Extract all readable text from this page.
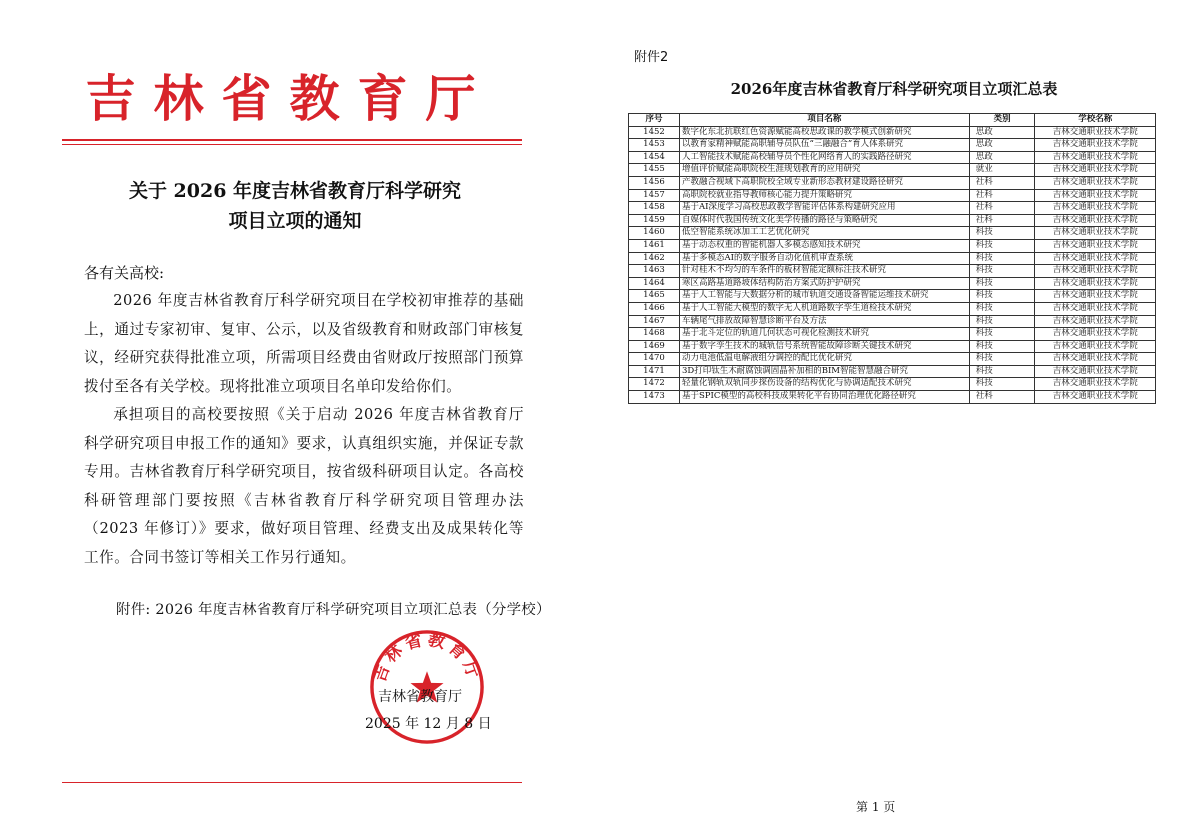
吉林省教育厅
关于 2026 年度吉林省教育厅科学研究
项目立项的通知
各有关高校:
2026 年度吉林省教育厅科学研究项目在学校初审推荐的基础上，通过专家初审、复审、公示，以及省级教育和财政部门审核复议，经研究获得批准立项，所需项目经费由省财政厅按照部门预算拨付至各有关学校。现将批准立项项目名单印发给你们。
承担项目的高校要按照《关于启动 2026 年度吉林省教育厅科学研究项目申报工作的通知》要求，认真组织实施，并保证专款专用。吉林省教育厅科学研究项目，按省级科研项目认定。各高校科研管理部门要按照《吉林省教育厅科学研究项目管理办法（2023 年修订）》要求，做好项目管理、经费支出及成果转化等工作。合同书签订等相关工作另行通知。
附件: 2026 年度吉林省教育厅科学研究项目立项汇总表（分学校）
吉林省教育厅
吉林省教育厅
2025 年 12 月 8 日
附件2
2026年度吉林省教育厅科学研究项目立项汇总表
序号	项目名称	类别	学校名称
1452	数字化东北抗联红色资源赋能高校思政课的教学模式创新研究	思政	吉林交通职业技术学院
1453	以教育家精神赋能高职辅导员队伍“三融融合”育人体系研究	思政	吉林交通职业技术学院
1454	人工智能技术赋能高校辅导员个性化网络育人的实践路径研究	思政	吉林交通职业技术学院
1455	增值评价赋能高职院校生涯规划教育的应用研究	就业	吉林交通职业技术学院
1456	产教融合视域下高职院校全域专业新形态教材建设路径研究	社科	吉林交通职业技术学院
1457	高职院校就业指导教师核心能力提升策略研究	社科	吉林交通职业技术学院
1458	基于AI深度学习高校思政教学智能评估体系构建研究应用	社科	吉林交通职业技术学院
1459	自媒体时代我国传统文化美学传播的路径与策略研究	社科	吉林交通职业技术学院
1460	低空智能系统冰加工工艺优化研究	科技	吉林交通职业技术学院
1461	基于动态权重的智能机器人多模态感知技术研究	科技	吉林交通职业技术学院
1462	基于多模态AI的数字服务自动化值机审查系统	科技	吉林交通职业技术学院
1463	针对桂木不均匀的车条件的板材智能定额标注技术研究	科技	吉林交通职业技术学院
1464	寒区高路基道路坡体结构防治方案式防护护研究	科技	吉林交通职业技术学院
1465	基于人工智能与大数据分析的城市轨道交通设备智能运维技术研究	科技	吉林交通职业技术学院
1466	基于人工智能大模型的数字无人机道路数字孪生道检技术研究	科技	吉林交通职业技术学院
1467	车辆尾气排放故障智慧诊断平台及方法	科技	吉林交通职业技术学院
1468	基于北斗定位的轨道几何状态可视化检测技术研究	科技	吉林交通职业技术学院
1469	基于数字孪生技术的城轨信号系统智能故障诊断关键技术研究	科技	吉林交通职业技术学院
1470	动力电池低温电解液组分调控的配比优化研究	科技	吉林交通职业技术学院
1471	3D打印钛生木耐腐蚀调固晶补加相的BIM智能智慧融合研究	科技	吉林交通职业技术学院
1472	轻量化钢轨双轨同步探伤设备的结构优化与协调适配技术研究	科技	吉林交通职业技术学院
1473	基于SPIC模型的高校科技成果转化平台协同治理优化路径研究	社科	吉林交通职业技术学院
第 1 页
